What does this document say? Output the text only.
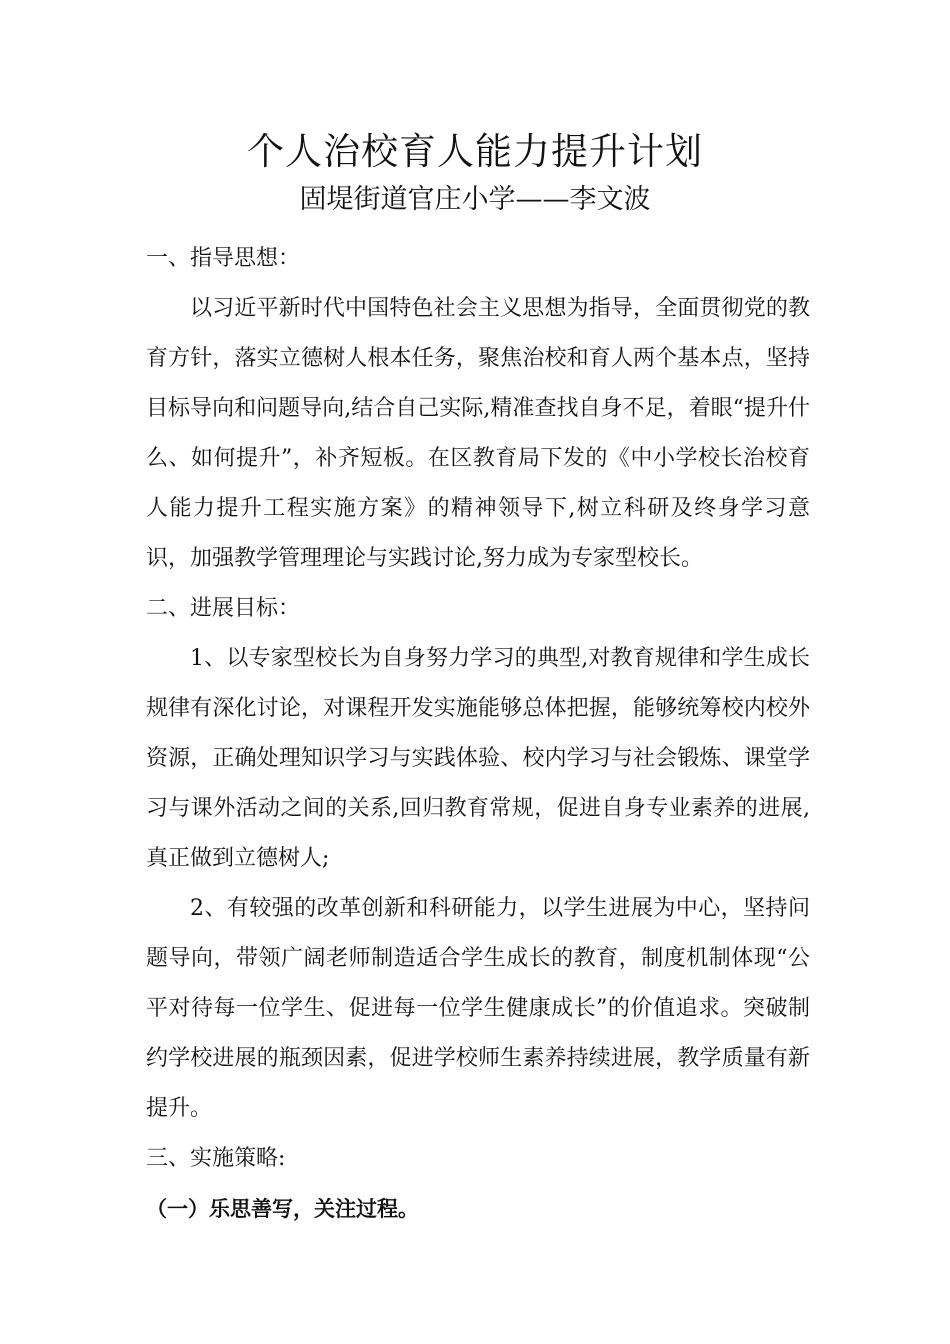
个人治校育人能力提升计划
固堤街道官庄小学——李文波

一、指导思想：

以习近平新时代中国特色社会主义思想为指导，全面贯彻党的教育方针，落实立德树人根本任务，聚焦治校和育人两个基本点，坚持目标导向和问题导向,结合自己实际,精准查找自身不足，着眼“提升什么、如何提升”，补齐短板。在区教育局下发的《中小学校长治校育人能力提升工程实施方案》的精神领导下,树立科研及终身学习意识，加强教学管理理论与实践讨论,努力成为专家型校长。

二、进展目标：

1、以专家型校长为自身努力学习的典型,对教育规律和学生成长规律有深化讨论，对课程开发实施能够总体把握，能够统筹校内校外资源，正确处理知识学习与实践体验、校内学习与社会锻炼、课堂学习与课外活动之间的关系,回归教育常规，促进自身专业素养的进展,真正做到立德树人;

2、有较强的改革创新和科研能力，以学生进展为中心，坚持问题导向，带领广阔老师制造适合学生成长的教育，制度机制体现“公平对待每一位学生、促进每一位学生健康成长”的价值追求。突破制约学校进展的瓶颈因素，促进学校师生素养持续进展，教学质量有新提升。

三、实施策略:

（一）乐思善写，关注过程。
